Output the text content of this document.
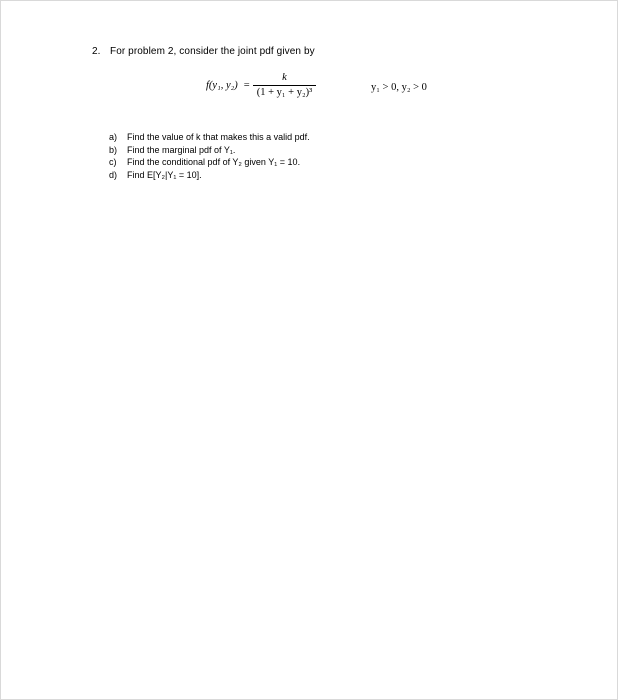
2. For problem 2, consider the joint pdf given by
f(y₁, $y_2) = \frac{k}{\text{(1 + y₁ + y₂)³}}$	y₁ > 0, y₂ > 0
a)	Find the value of k that makes this a valid pdf.
b)	Find the marginal pdf of Y₁.
c)	Find the conditional pdf of Y₂ given Y₁ = 10.
d)	Find E[Y₂|Y₁ = 10].
